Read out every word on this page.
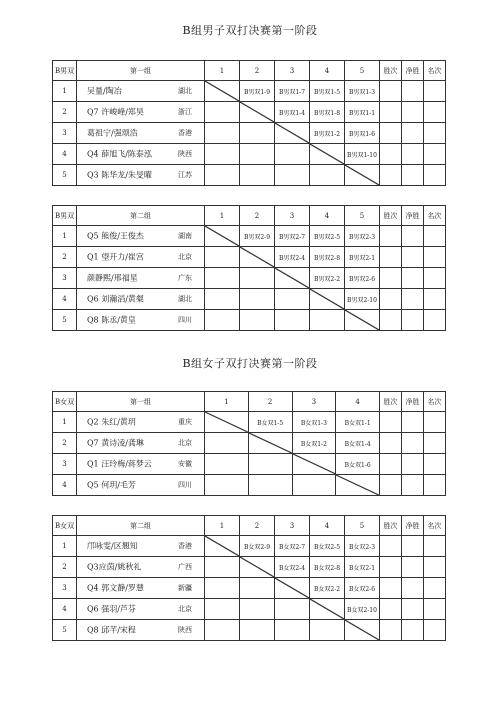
B组男子双打决赛第一阶段
B男双	第一组	1	2	3	4	5	胜次	净胜	名次
1	吴量/陶冶 湖北		B男双1-9	B男双1-7	B男双1-5	B男双1-3			
2	Q7 许峻峰/郑昊 浙江			B男双1-4	B男双1-8	B男双1-1			
3	葛祖宁/强颂浩 香港				B男双1-2	B男双1-6			
4	Q4 薛旭飞/陈泰泓 陕西					B男双1-10			
5	Q3 陈华龙/朱旻曜 江苏

B男双	第二组	1	2	3	4	5	胜次	净胜	名次
1	Q5 熊俊/王俊杰 湖南		B男双2-9	B男双2-7	B男双2-5	B男双2-3			
2	Q1 望开力/崔宫 北京			B男双2-4	B男双2-8	B男双2-1			
3	颜静熙/邢福星 广东				B男双2-2	B男双2-6			
4	Q6 刘瀚滔/黄粲 湖北					B男双2-10			
5	Q8 陈丞/黄皇 四川

B组女子双打决赛第一阶段
B女双	第一组	1	2	3	4	胜次	净胜	名次
1	Q2 朱红/黄玥 重庆		B女双1-5	B女双1-3	B女双1-1			
2	Q7 黄诗凌/龚琳 北京			B女双1-2	B女双1-4			
3	Q1 汪玲梅/蒋梦云 安徽				B女双1-6			
4	Q5 何玥/毛芳 四川

B女双	第二组	1	2	3	4	5	胜次	净胜	名次
1	邝咏雯/区翘知 香港		B女双2-9	B女双2-7	B女双2-5	B女双2-3			
2	Q3应茵/姚秋礼 广西			B女双2-4	B女双2-8	B女双2-1			
3	Q4 郭文静/罗慧 新疆				B女双2-2	B女双2-6			
4	Q6 强羽/芦芬 北京					B女双2-10			
5	Q8 邱芊/宋程 陕西
